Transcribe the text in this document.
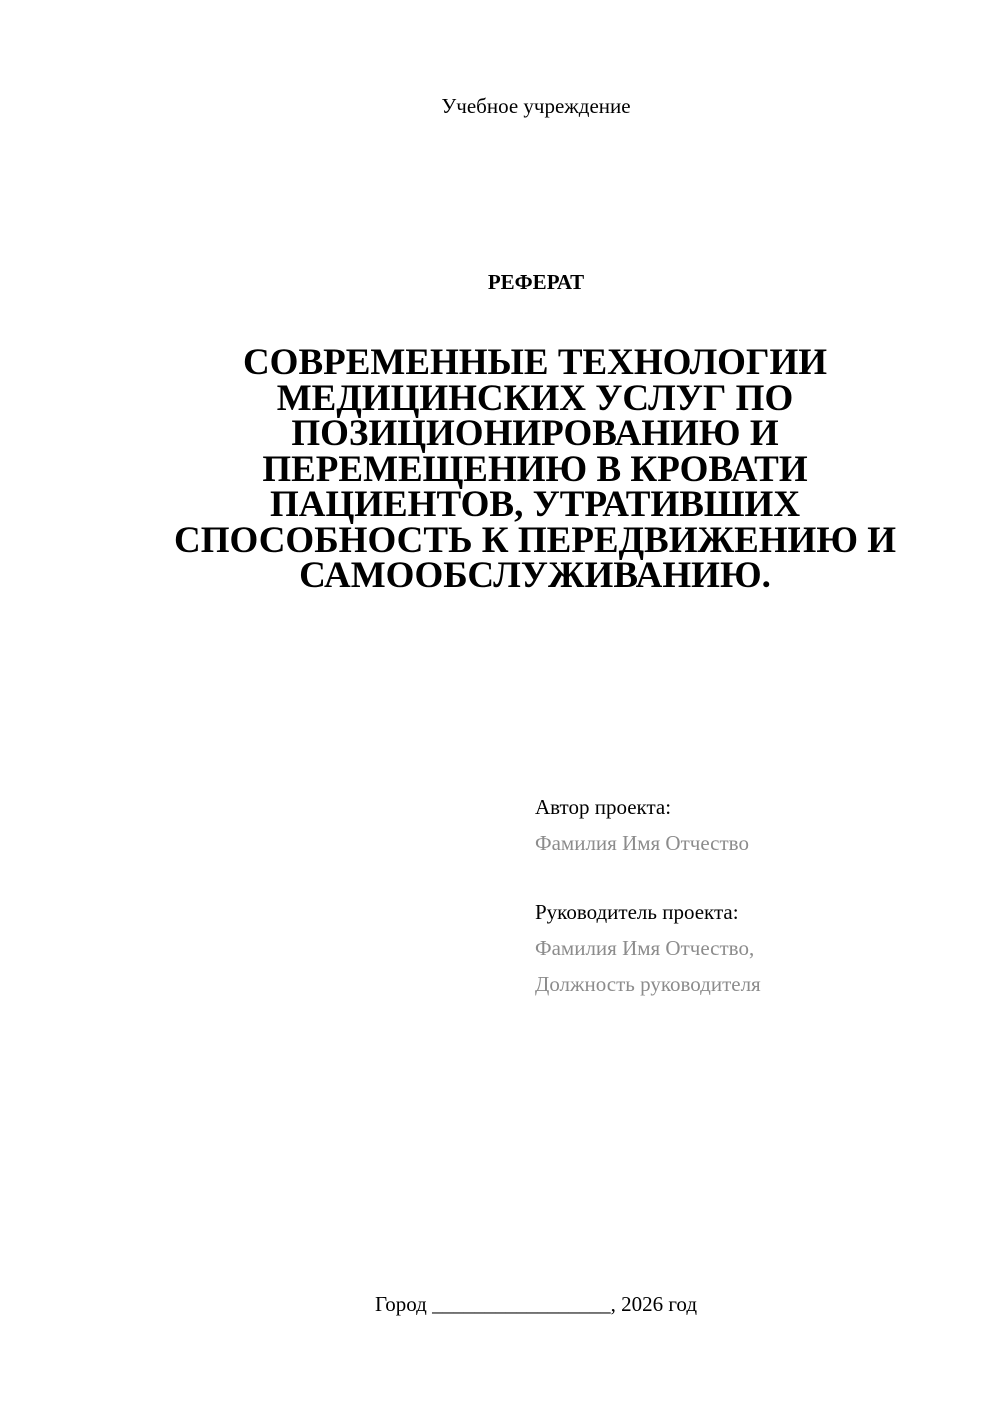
Учебное учреждение
РЕФЕРАТ
СОВРЕМЕННЫЕ ТЕХНОЛОГИИ
МЕДИЦИНСКИХ УСЛУГ ПО
ПОЗИЦИОНИРОВАНИЮ И
ПЕРЕМЕЩЕНИЮ В КРОВАТИ
ПАЦИЕНТОВ, УТРАТИВШИХ
СПОСОБНОСТЬ К ПЕРЕДВИЖЕНИЮ И
САМООБСЛУЖИВАНИЮ.
Автор проекта:
Фамилия Имя Отчество
Руководитель проекта:
Фамилия Имя Отчество,
Должность руководителя
Город _________________, 2026 год
